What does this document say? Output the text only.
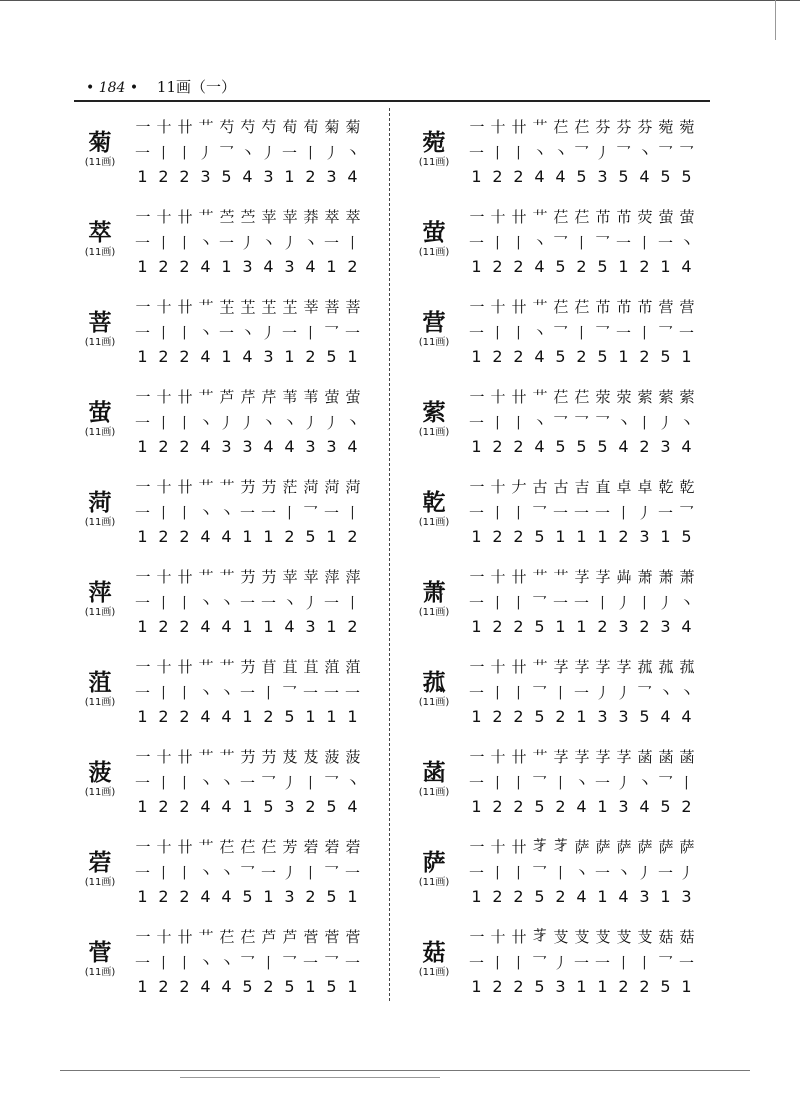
• 184 • 11画（一）
菊
(11画)
一 十 卄 艹 芍 芍 芍 荀 荀 菊 菊
一 丨 丨 丿 乛 丶 丿 一 丨 丿 丶
1 2 2 3 5 4 3 1 2 3 4
萃
(11画)
一 十 卄 艹 苎 苎 苹 苹 莽 萃 萃
一 丨 丨 丶 一 丿 丶 丿 丶 一 丨
1 2 2 4 1 3 4 3 4 1 2
菩
(11画)
一 十 卄 艹 芏 芏 芏 芏 莘 菩 菩
一 丨 丨 丶 一 丶 丿 一 丨 乛 一
1 2 2 4 1 4 3 1 2 5 1
萤
(11画)
一 十 卄 艹 芦 芹 芹 苇 苇 萤 萤
一 丨 丨 丶 丿 丿 丶 丶 丿 丿 丶
1 2 2 4 3 3 4 4 3 3 4
菏
(11画)
一 十 卄 艹 艹 芀 芀 茫 菏 菏 菏
一 丨 丨 丶 丶 一 一 丨 乛 一 丨
1 2 2 4 4 1 1 2 5 1 2
萍
(11画)
一 十 卄 艹 艹 芀 芀 苹 苹 萍 萍
一 丨 丨 丶 丶 一 一 丶 丿 一 丨
1 2 2 4 4 1 1 4 3 1 2
菹
(11画)
一 十 卄 艹 艹 芀 苜 苴 苴 菹 菹
一 丨 丨 丶 丶 一 丨 乛 一 一 一
1 2 2 4 4 1 2 5 1 1 1
菠
(11画)
一 十 卄 艹 艹 芀 芀 芨 芨 菠 菠
一 丨 丨 丶 丶 一 乛 丿 丨 乛 丶
1 2 2 4 4 1 5 3 2 5 4
菪
(11画)
一 十 卄 艹 芢 芢 芢 芳 菪 菪 菪
一 丨 丨 丶 丶 乛 一 丿 丨 乛 一
1 2 2 4 4 5 1 3 2 5 1
菅
(11画)
一 十 卄 艹 芢 芢 芦 芦 菅 菅 菅
一 丨 丨 丶 丶 乛 丨 乛 一 乛 一
1 2 2 4 4 5 2 5 1 5 1
菀
(11画)
一 十 卄 艹 芢 芢 芬 芬 芬 菀 菀
一 丨 丨 丶 丶 乛 丿 乛 丶 乛 乛
1 2 2 4 4 5 3 5 4 5 5
萤
(11画)
一 十 卄 艹 芢 芢 芇 芇 荧 萤 萤
一 丨 丨 丶 乛 丨 乛 一 丨 一 丶
1 2 2 4 5 2 5 1 2 1 4
营
(11画)
一 十 卄 艹 芢 芢 芇 芇 芇 营 营
一 丨 丨 丶 乛 丨 乛 一 丨 乛 一
1 2 2 4 5 2 5 1 2 5 1
萦
(11画)
一 十 卄 艹 芢 芢 荥 荥 萦 萦 萦
一 丨 丨 丶 乛 乛 乛 丶 丨 丿 丶
1 2 2 4 5 5 5 4 2 3 4
乾
(11画)
一 十 𠂇 古 古 吉 直 卓 卓 乾 乾
一 丨 丨 乛 一 一 一 丨 丿 一 乛
1 2 2 5 1 1 1 2 3 1 5
萧
(11画)
一 十 卄 艹 艹 芓 芓 芔 萧 萧 萧
一 丨 丨 乛 一 一 丨 丿 丨 丿 丶
1 2 2 5 1 1 2 3 2 3 4
菰
(11画)
一 十 卄 艹 芓 芓 芓 芓 菰 菰 菰
一 丨 丨 乛 丨 一 丿 丿 乛 丶 丶
1 2 2 5 2 1 3 3 5 4 4
菡
(11画)
一 十 卄 艹 芓 芓 芓 芓 菡 菡 菡
一 丨 丨 乛 丨 丶 一 丿 丶 乛 丨
1 2 2 5 2 4 1 3 4 5 2
萨
(11画)
一 十 卄 𦬁 𦬁 萨 萨 萨 萨 萨 萨
一 丨 丨 乛 丨 丶 一 丶 丿 一 丿
1 2 2 5 2 4 1 4 3 1 3
菇
(11画)
一 十 卄 𦬁 芆 芆 芆 芆 芆 菇 菇
一 丨 丨 乛 丿 一 一 丨 丨 乛 一
1 2 2 5 3 1 1 2 2 5 1
